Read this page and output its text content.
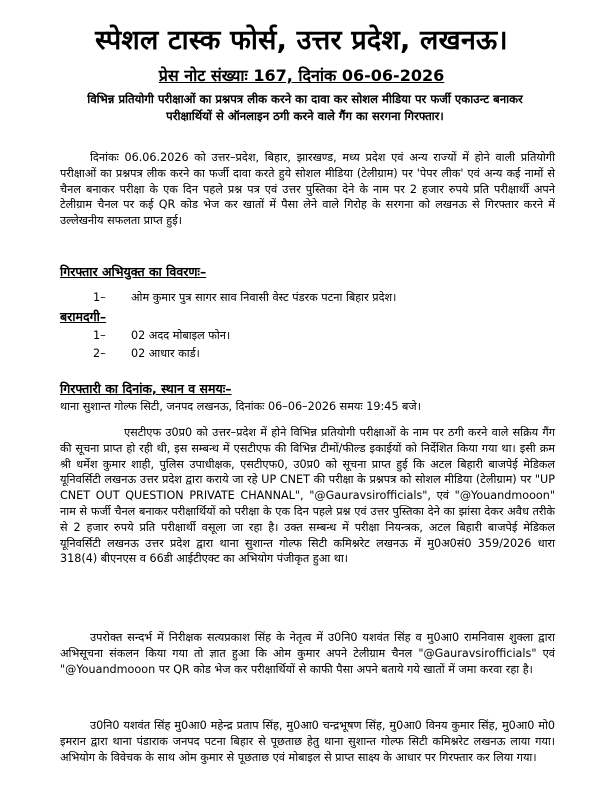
स्पेशल टास्क फोर्स, उत्तर प्रदेश, लखनऊ।
प्रेस नोट संख्याः 167, दिनांक 06-06-2026
विभिन्न प्रतियोगी परीक्षाओं का प्रश्नपत्र लीक करने का दावा कर सोशल मीडिया पर फर्जी एकाउन्ट बनाकर परीक्षार्थियों से ऑनलाइन ठगी करने वाले गैंग का सरगना गिरफ्तार।
दिनांकः 06.06.2026 को उत्तर–प्रदेश, बिहार, झारखण्ड, मध्य प्रदेश एवं अन्य राज्यों में होने वाली प्रतियोगी परीक्षाओं का प्रश्नपत्र लीक करने का फर्जी दावा करते हुये सोशल मीडिया (टेलीग्राम) पर 'पेपर लीक' एवं अन्य कई नामों से चैनल बनाकर परीक्षा के एक दिन पहले प्रश्न पत्र एवं उत्तर पुस्तिका देने के नाम पर 2 हजार रुपये प्रति परीक्षार्थी अपने टेलीग्राम चैनल पर कई QR कोड भेज कर खातों में पैसा लेने वाले गिरोह के सरगना को लखनऊ से गिरफ्तार करने में उल्लेखनीय सफलता प्राप्त हुई।
गिरफ्तार अभियुक्त का विवरणः–
1– ओम कुमार पुत्र सागर साव निवासी वेस्ट पंडरक पटना बिहार प्रदेश।
बरामदगी–
1– 02 अदद मोबाइल फोन।
2– 02 आधार कार्ड।
गिरफ्तारी का दिनांक, स्थान व समयः–
थाना सुशान्त गोल्फ सिटी, जनपद लखनऊ, दिनांकः 06–06–2026 समयः 19:45 बजे।
एसटीएफ उ0प्र0 को उत्तर–प्रदेश में होने विभिन्न प्रतियोगी परीक्षाओं के नाम पर ठगी करने वाले सक्रिय गैंग की सूचना प्राप्त हो रही थी, इस सम्बन्ध में एसटीएफ की विभिन्न टीमों/फील्ड इकाईयों को निर्देशित किया गया था। इसी क्रम श्री धर्मेश कुमार शाही, पुलिस उपाधीक्षक, एसटीएफ0, उ0प्र0 को सूचना प्राप्त हुई कि अटल बिहारी बाजपेई मेडिकल यूनिवर्सिटी लखनऊ उत्तर प्रदेश द्वारा कराये जा रहे UP CNET की परीक्षा के प्रश्नपत्र को सोशल मीडिया (टेलीग्राम) पर "UP CNET OUT QUESTION PRIVATE CHANNAL", "@Gauravsirofficials", एवं "@Youandmooon" नाम से फर्जी चैनल बनाकर परीक्षार्थियों को परीक्षा के एक दिन पहले प्रश्न एवं उत्तर पुस्तिका देने का झांसा देकर अवैध तरीके से 2 हजार रुपये प्रति परीक्षार्थी वसूला जा रहा है। उक्त सम्बन्ध में परीक्षा नियन्त्रक, अटल बिहारी बाजपेई मेडिकल यूनिवर्सिटी लखनऊ उत्तर प्रदेश द्वारा थाना सुशान्त गोल्फ सिटी कमिश्नरेट लखनऊ में मु0अ0सं0 359/2026 धारा 318(4) बीएनएस व 66डी आईटीएक्ट का अभियोग पंजीकृत हुआ था।
उपरोक्त सन्दर्भ में निरीक्षक सत्यप्रकाश सिंह के नेतृत्व में उ0नि0 यशवंत सिंह व मु0आ0 रामनिवास शुक्ला द्वारा अभिसूचना संकलन किया गया तो ज्ञात हुआ कि ओम कुमार अपने टेलीग्राम चैनल "@Gauravsirofficials" एवं "@Youandmooon पर QR कोड भेज कर परीक्षार्थियों से काफी पैसा अपने बताये गये खातों में जमा करवा रहा है।
उ0नि0 यशवंत सिंह मु0आ0 महेन्द्र प्रताप सिंह, मु0आ0 चन्द्रभूषण सिंह, मु0आ0 विनय कुमार सिंह, मु0आ0 मो0 इमरान द्वारा थाना पंडाराक जनपद पटना बिहार से पूछताछ हेतु थाना सुशान्त गोल्फ सिटी कमिश्नरेट लखनऊ लाया गया। अभियोग के विवेचक के साथ ओम कुमार से पूछताछ एवं मोबाइल से प्राप्त साक्ष्य के आधार पर गिरफ्तार कर लिया गया।
